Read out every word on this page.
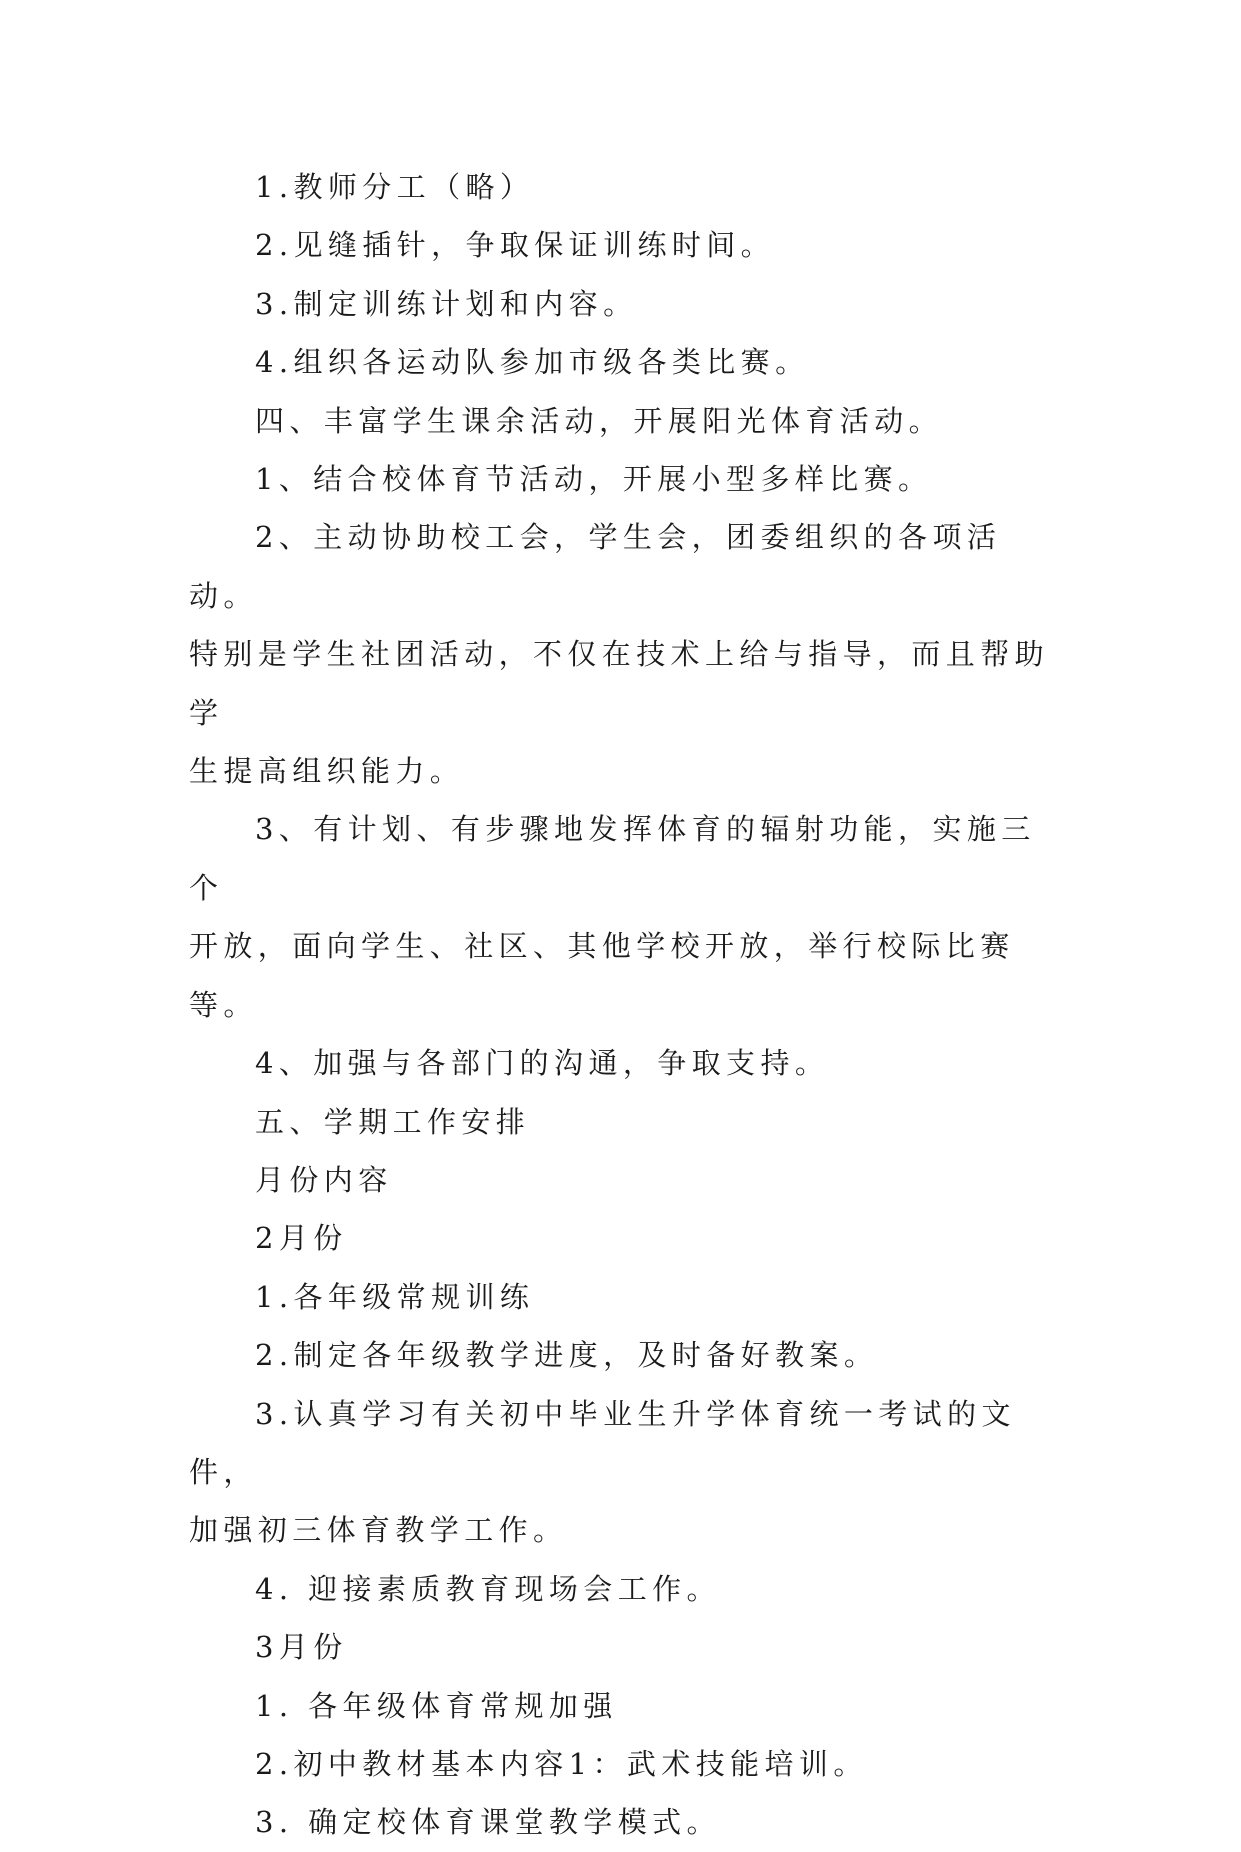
1.教师分工（略）

2.见缝插针，争取保证训练时间。

3.制定训练计划和内容。

4.组织各运动队参加市级各类比赛。

四、丰富学生课余活动，开展阳光体育活动。

1、结合校体育节活动，开展小型多样比赛。

2、主动协助校工会，学生会，团委组织的各项活动。

特别是学生社团活动，不仅在技术上给与指导，而且帮助学
生提高组织能力。

3、有计划、有步骤地发挥体育的辐射功能，实施三个

开放，面向学生、社区、其他学校开放，举行校际比赛等。

4、加强与各部门的沟通，争取支持。

五、学期工作安排

月份内容

2月份

1.各年级常规训练

2.制定各年级教学进度，及时备好教案。

3.认真学习有关初中毕业生升学体育统一考试的文件，

加强初三体育教学工作。

4. 迎接素质教育现场会工作。

3月份

1. 各年级体育常规加强

2.初中教材基本内容1：武术技能培训。

3. 确定校体育课堂教学模式。
